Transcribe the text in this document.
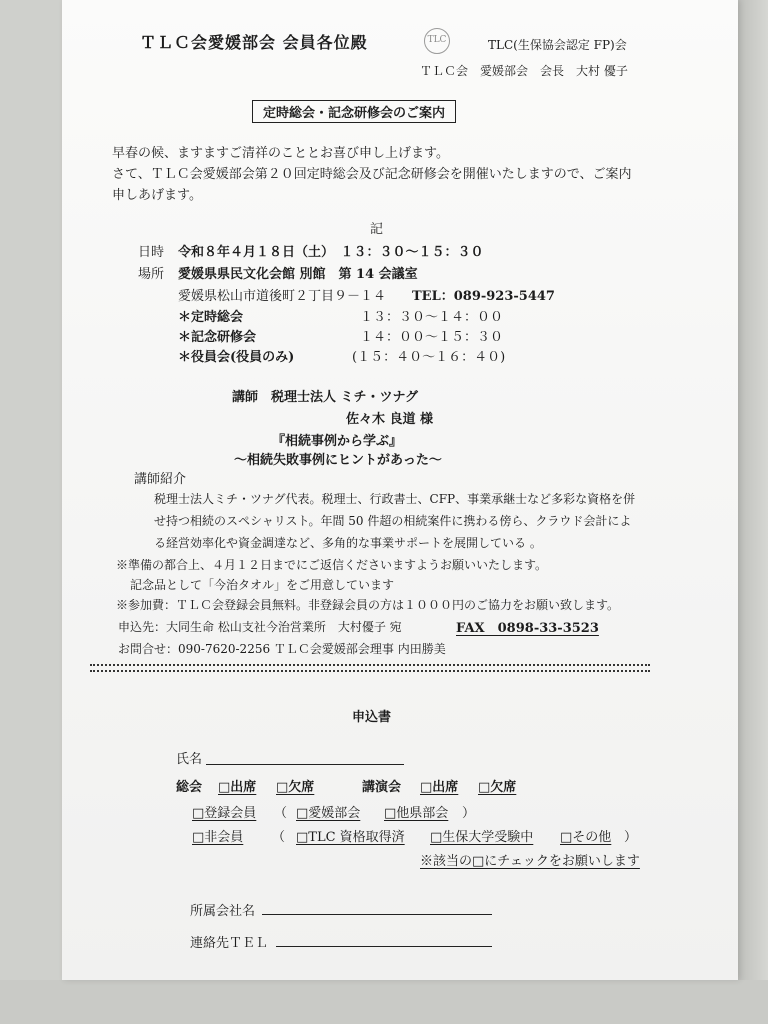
ＴＬＣ会愛媛部会 会員各位殿	TLC	TLC(生保協会認定 FP)会
ＴＬＣ会　愛媛部会　会長　大村 優子
定時総会・記念研修会のご案内
早春の候、ますますご清祥のこととお喜び申し上げます。
さて、ＴＬＣ会愛媛部会第２０回定時総会及び記念研修会を開催いたしますので、ご案内
申しあげます。
記
日時 令和８年４月１８日（土）　１３：３０～１５：３０
場所 愛媛県県民文化会館 別館　第 14 会議室
愛媛県松山市道後町２丁目９－１４ TEL：089-923-5447
＊定時総会	１３：３０～１４：００
＊記念研修会	１４：００～１５：３０
＊役員会(役員のみ)	(１５：４０～１６：４０)
講師　税理士法人 ミチ・ツナグ
佐々木 良道 様
『相続事例から学ぶ』
～相続失敗事例にヒントがあった～
講師紹介
税理士法人ミチ・ツナグ代表。税理士、行政書士、CFP、事業承継士など多彩な資格を併
せ持つ相続のスペシャリスト。年間 50 件超の相続案件に携わる傍ら、クラウド会計によ
る経営効率化や資金調達など、多角的な事業サポートを展開している 。
※準備の都合上、４月１２日までにご返信くださいますようお願いいたします。
記念品として「今治タオル」をご用意しています
※参加費：ＴＬＣ会登録会員無料。非登録会員の方は１０００円のご協力をお願い致します。
申込先：大同生命 松山支社今治営業所　大村優子 宛	FAX　0898-33-3523
お問合せ：090-7620-2256 ＴＬＣ会愛媛部会理事 内田勝美
申込書
氏名
総会 □出席 □欠席	講演会 □出席 □欠席
□登録会員 （ □愛媛部会 □他県部会 ）
□非会員 （ □TLC 資格取得済 □生保大学受験中 □その他 ）
※該当の□にチェックをお願いします
所属会社名
連絡先ＴＥＬ
